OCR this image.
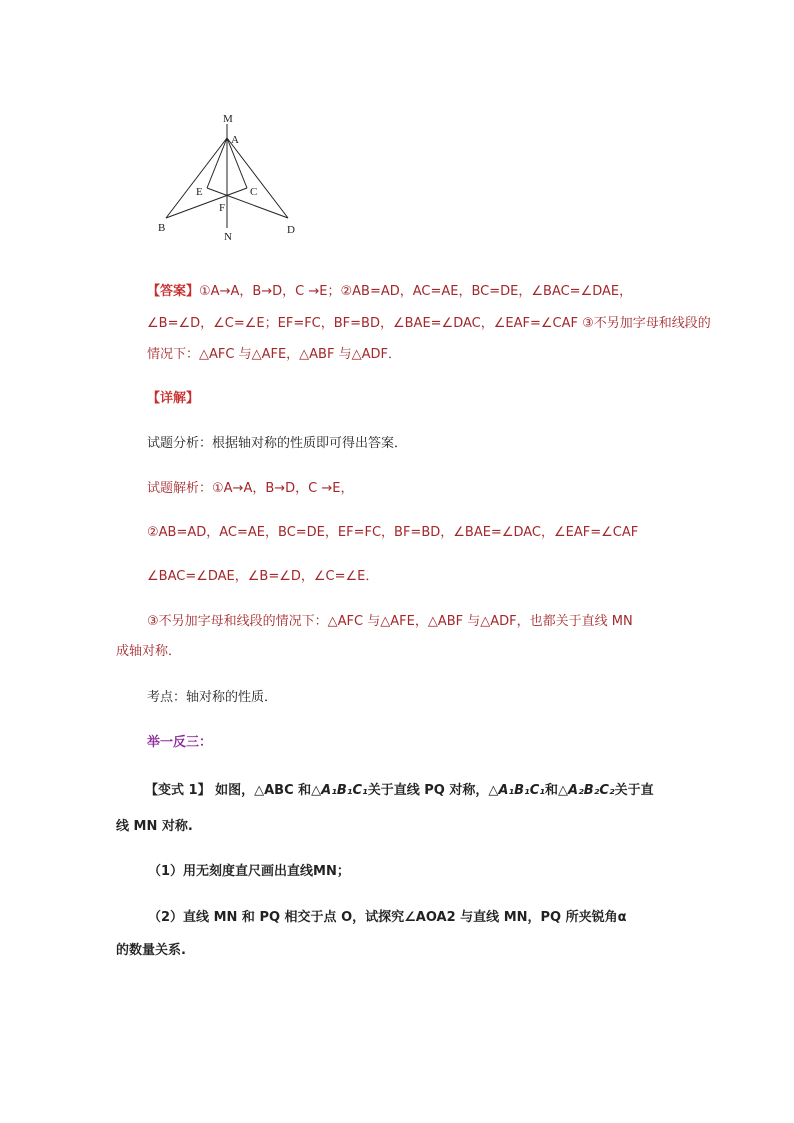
M
A
E	C
F
B
N
D
【答案】①A→A，B→D，C →E；②AB=AD，AC=AE，BC=DE，∠BAC=∠DAE，
∠B=∠D，∠C=∠E；EF=FC，BF=BD，∠BAE=∠DAC，∠EAF=∠CAF ③不另加字母和线段的
情况下：△AFC 与△AFE，△ABF 与△ADF．
【详解】
试题分析：根据轴对称的性质即可得出答案．
试题解析：①A→A，B→D，C →E，
②AB=AD，AC=AE，BC=DE，EF=FC，BF=BD，∠BAE=∠DAC，∠EAF=∠CAF
∠BAC=∠DAE，∠B=∠D，∠C=∠E．
③不另加字母和线段的情况下：△AFC 与△AFE，△ABF 与△ADF，也都关于直线 MN
成轴对称．
考点：轴对称的性质．
举一反三：
【变式 1】 如图，△ABC 和△A₁B₁C₁关于直线 PQ 对称，△A₁B₁C₁和△A₂B₂C₂关于直
线 MN 对称.
（1）用无刻度直尺画出直线MN；
（2）直线 MN 和 PQ 相交于点 O，试探究∠AOA2 与直线 MN，PQ 所夹锐角α
的数量关系.
